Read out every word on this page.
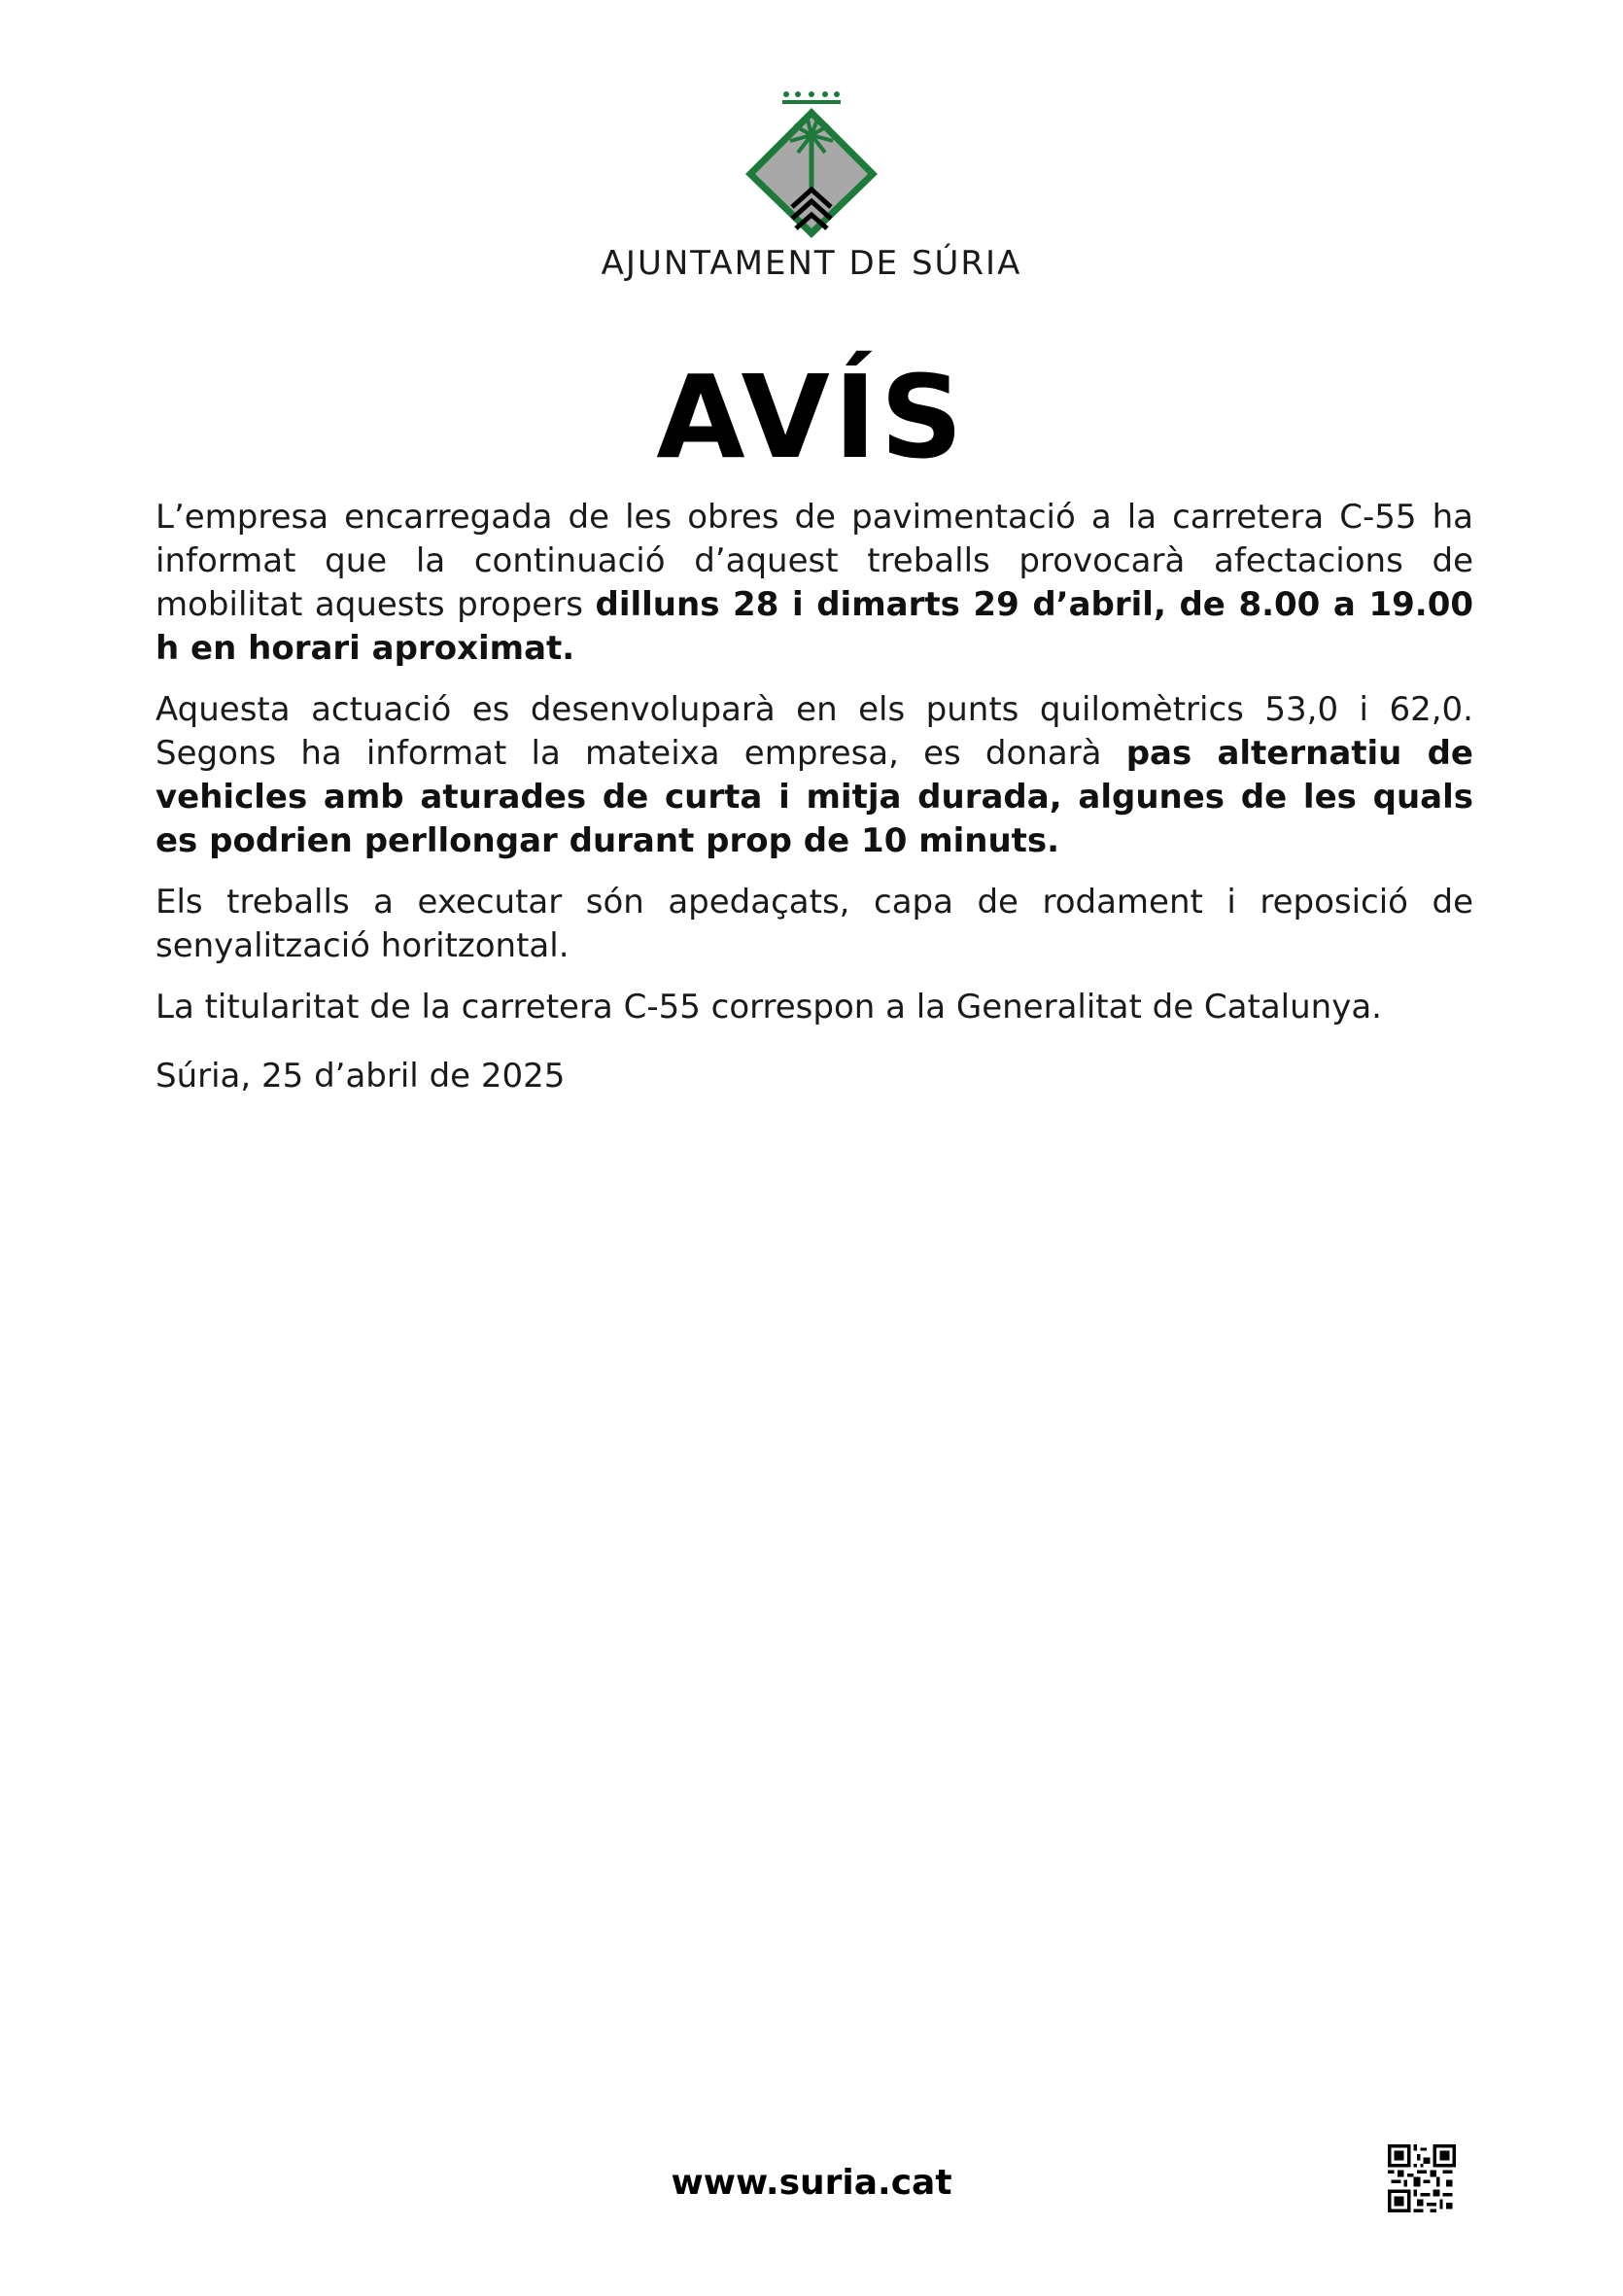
AJUNTAMENT DE SÚRIA
AVÍS

L’empresa encarregada de les obres de pavimentació a la carretera C-55 ha informat que la continuació d’aquest treballs provocarà afectacions de mobilitat aquests propers dilluns 28 i dimarts 29 d’abril, de 8.00 a 19.00 h en horari aproximat.

Aquesta actuació es desenvoluparà en els punts quilomètrics 53,0 i 62,0. Segons ha informat la mateixa empresa, es donarà pas alternatiu de vehicles amb aturades de curta i mitja durada, algunes de les quals es podrien perllongar durant prop de 10 minuts.

Els treballs a executar són apedaçats, capa de rodament i reposició de senyalització horitzontal.

La titularitat de la carretera C-55 correspon a la Generalitat de Catalunya.

Súria, 25 d’abril de 2025

www.suria.cat
